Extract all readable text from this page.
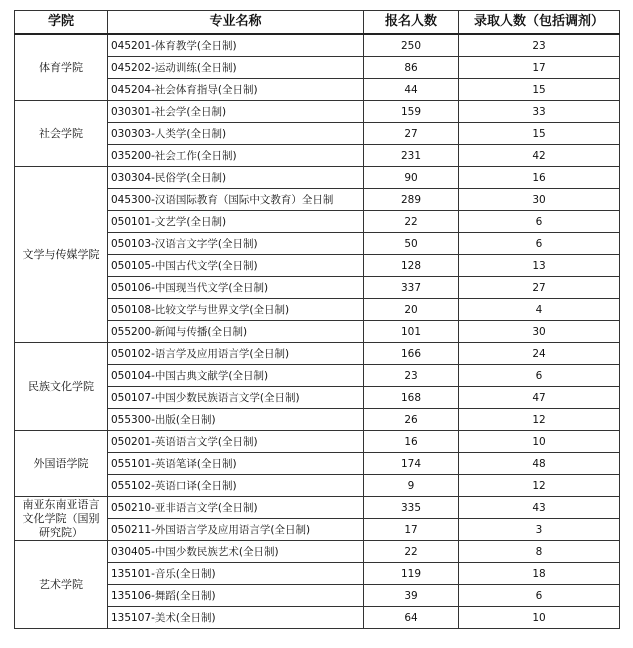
学院	专业名称	报名人数	录取人数（包括调剂）
体育学院	045201-体育教学(全日制)	250	23
	045202-运动训练(全日制)	86	17
	045204-社会体育指导(全日制)	44	15
社会学院	030301-社会学(全日制)	159	33
	030303-人类学(全日制)	27	15
	035200-社会工作(全日制)	231	42
文学与传媒学院	030304-民俗学(全日制)	90	16
	045300-汉语国际教育（国际中文教育）全日制	289	30
	050101-文艺学(全日制)	22	6
	050103-汉语言文字学(全日制)	50	6
	050105-中国古代文学(全日制)	128	13
	050106-中国现当代文学(全日制)	337	27
	050108-比较文学与世界文学(全日制)	20	4
	055200-新闻与传播(全日制)	101	30
民族文化学院	050102-语言学及应用语言学(全日制)	166	24
	050104-中国古典文献学(全日制)	23	6
	050107-中国少数民族语言文学(全日制)	168	47
	055300-出版(全日制)	26	12
外国语学院	050201-英语语言文学(全日制)	16	10
	055101-英语笔译(全日制)	174	48
	055102-英语口译(全日制)	9	12
南亚东南亚语言文化学院（国别研究院）	050210-亚非语言文学(全日制)	335	43
	050211-外国语言学及应用语言学(全日制)	17	3
艺术学院	030405-中国少数民族艺术(全日制)	22	8
	135101-音乐(全日制)	119	18
	135106-舞蹈(全日制)	39	6
	135107-美术(全日制)	64	10
